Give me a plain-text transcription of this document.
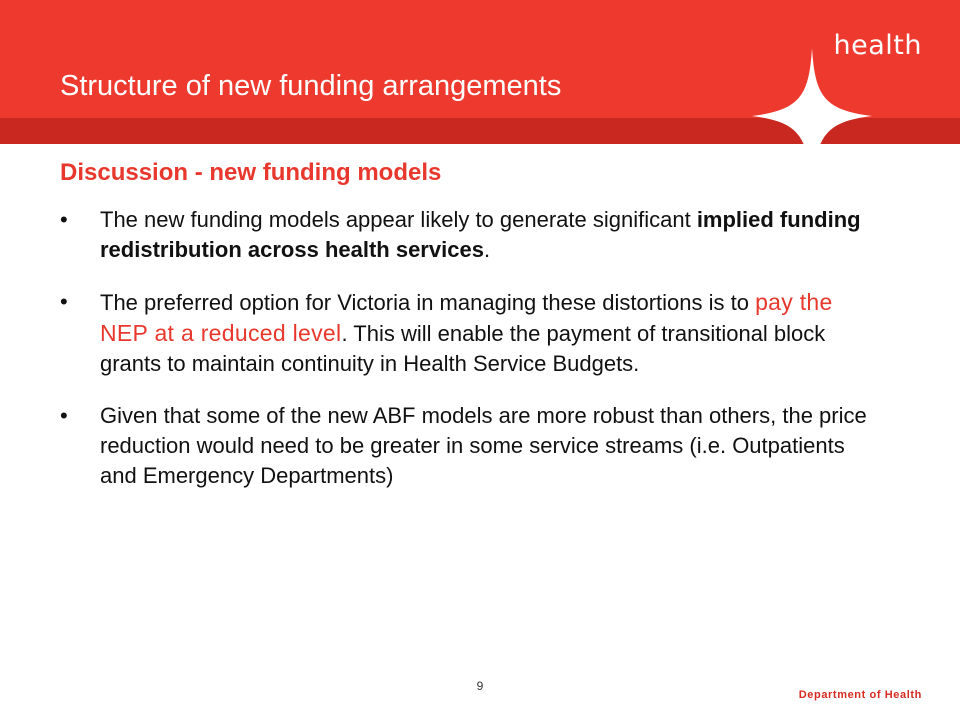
health
Structure of new funding arrangements
Discussion - new funding models
• The new funding models appear likely to generate significant implied funding redistribution across health services.
• The preferred option for Victoria in managing these distortions is to pay the NEP at a reduced level. This will enable the payment of transitional block grants to maintain continuity in Health Service Budgets.
• Given that some of the new ABF models are more robust than others, the price reduction would need to be greater in some service streams (i.e. Outpatients and Emergency Departments)
9
Department of Health
